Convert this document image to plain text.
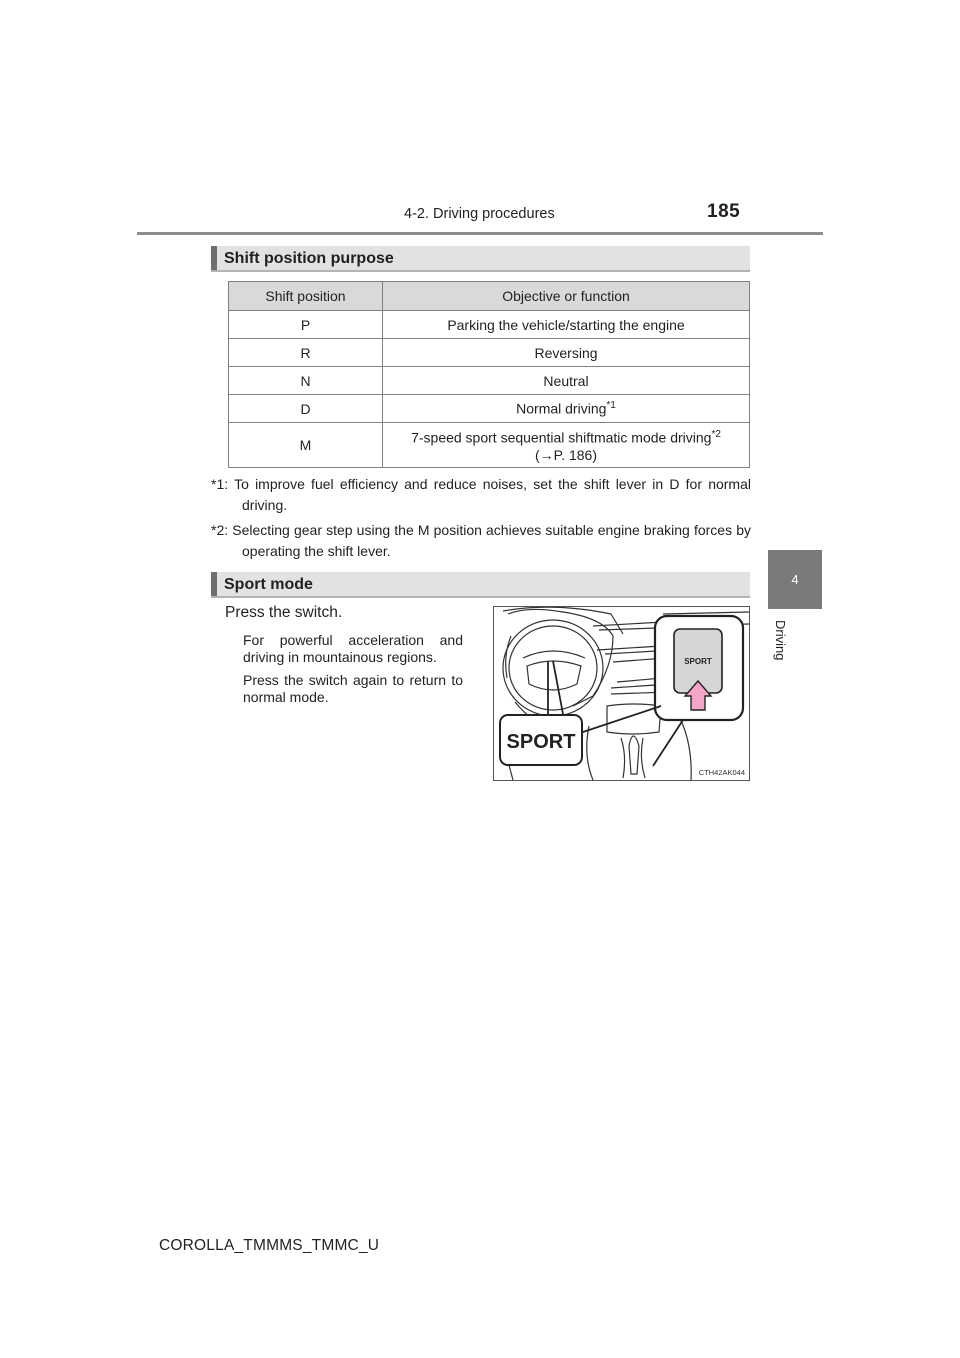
4-2. Driving procedures	185
4
Driving
Shift position purpose
Shift position	Objective or function
P	Parking the vehicle/starting the engine
R	Reversing
N	Neutral
D	Normal driving$^{*1}$
M	7-speed sport sequential shiftmatic mode driving$^{*2}$
(→P. 186)
*1: To improve fuel efficiency and reduce noises, set the shift lever in D for normal driving.
*2: Selecting gear step using the M position achieves suitable engine braking forces by operating the shift lever.
Sport mode
Press the switch.
For powerful acceleration and driving in mountainous regions.
Press the switch again to return to normal mode.
SPORT
SPORT
CTH42AK044
COROLLA_TMMMS_TMMC_U
